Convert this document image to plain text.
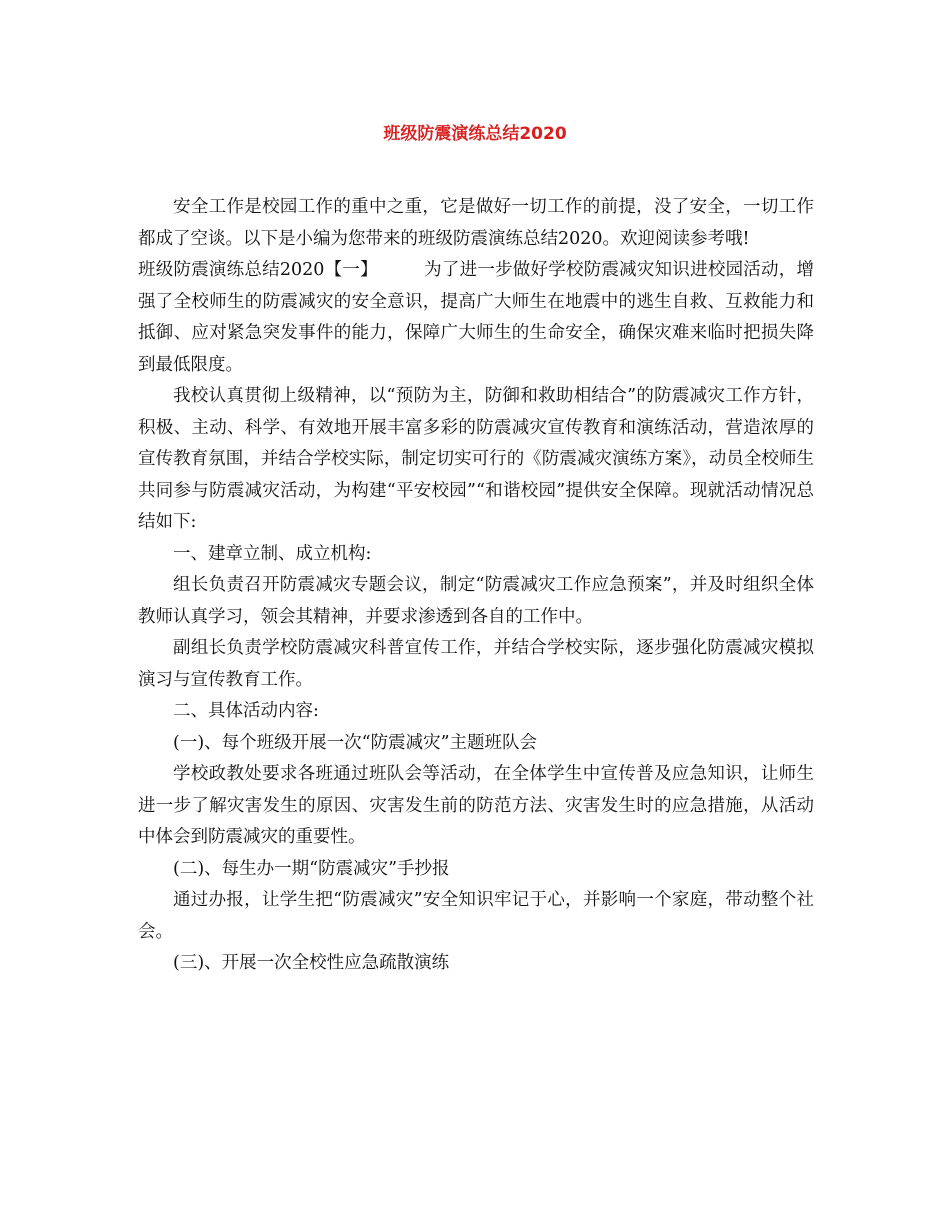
班级防震演练总结2020

安全工作是校园工作的重中之重，它是做好一切工作的前提，没了安全，一切工作都成了空谈。以下是小编为您带来的班级防震演练总结2020。欢迎阅读参考哦!

班级防震演练总结2020【一】	为了进一步做好学校防震减灾知识进校园活动，增强了全校师生的防震减灾的安全意识，提高广大师生在地震中的逃生自救、互救能力和抵御、应对紧急突发事件的能力，保障广大师生的生命安全，确保灾难来临时把损失降到最低限度。

我校认真贯彻上级精神，以“预防为主，防御和救助相结合”的防震减灾工作方针，积极、主动、科学、有效地开展丰富多彩的防震减灾宣传教育和演练活动，营造浓厚的宣传教育氛围，并结合学校实际，制定切实可行的《防震减灾演练方案》，动员全校师生共同参与防震减灾活动，为构建“平安校园”“和谐校园”提供安全保障。现就活动情况总结如下:

一、建章立制、成立机构:

组长负责召开防震减灾专题会议，制定“防震减灾工作应急预案”，并及时组织全体教师认真学习，领会其精神，并要求渗透到各自的工作中。

副组长负责学校防震减灾科普宣传工作，并结合学校实际，逐步强化防震减灾模拟演习与宣传教育工作。

二、具体活动内容:

(一)、每个班级开展一次“防震减灾”主题班队会

学校政教处要求各班通过班队会等活动，在全体学生中宣传普及应急知识，让师生进一步了解灾害发生的原因、灾害发生前的防范方法、灾害发生时的应急措施，从活动中体会到防震减灾的重要性。

(二)、每生办一期“防震减灾”手抄报

通过办报，让学生把“防震减灾”安全知识牢记于心，并影响一个家庭，带动整个社会。

(三)、开展一次全校性应急疏散演练
